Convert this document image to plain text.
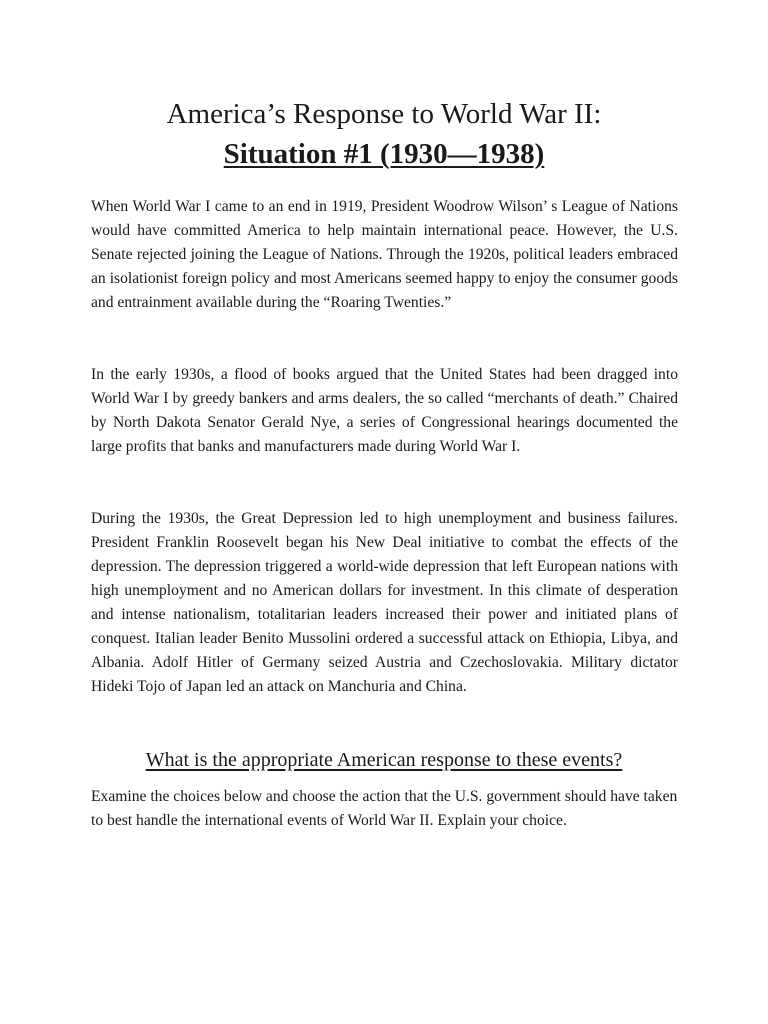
America’s Response to World War II:
Situation #1 (1930—1938)
When World War I came to an end in 1919, President Woodrow Wilson’ s League of Nations would have committed America to help maintain international peace. However, the U.S. Senate rejected joining the League of Nations. Through the 1920s, political leaders embraced an isolationist foreign policy and most Americans seemed happy to enjoy the consumer goods and entrainment available during the “Roaring Twenties.”
In the early 1930s, a flood of books argued that the United States had been dragged into World War I by greedy bankers and arms dealers, the so called “merchants of death.” Chaired by North Dakota Senator Gerald Nye, a series of Congressional hearings documented the large profits that banks and manufacturers made during World War I.
During the 1930s, the Great Depression led to high unemployment and business failures. President Franklin Roosevelt began his New Deal initiative to combat the effects of the depression. The depression triggered a world-wide depression that left European nations with high unemployment and no American dollars for investment. In this climate of desperation and intense nationalism, totalitarian leaders increased their power and initiated plans of conquest. Italian leader Benito Mussolini ordered a successful attack on Ethiopia, Libya, and Albania. Adolf Hitler of Germany seized Austria and Czechoslovakia. Military dictator Hideki Tojo of Japan led an attack on Manchuria and China.
What is the appropriate American response to these events?
Examine the choices below and choose the action that the U.S. government should have taken to best handle the international events of World War II. Explain your choice.
